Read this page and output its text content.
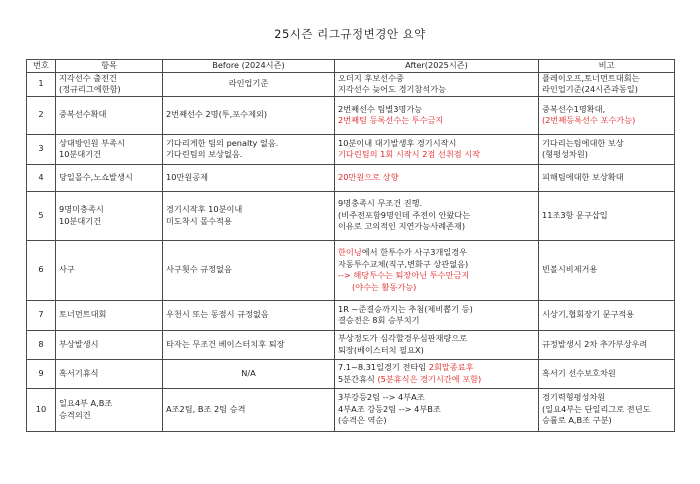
25시즌 리그규정변경안 요약
번호	항목	Before (2024시즌)	After(2025시즌)	비고
1	지각선수 출전건
(정규리그에한함)	라인업기준	오더지 후보선수중
지각선수 늦어도 경기참석가능	플레이오프,토너먼트대회는
라인업기준(24시즌과동일)

2	중복선수확대	2번째선수 2명(투,포수제외)	2번째선수 팀별3명가능
2번째팀 등록선수는 투수금지	중복선수1명확대,
(2번째등록선수 포수가능)

3	상대방인원 부족시
10분대기건	기다리게한 팀의 penalty 없음.
기다린팀의 보상없음.	10분이내 대기발생후 경기시작시
기다린팀의 1회 시작시 2점 선취점 시작	기다리는팀에대한 보상
(형평성차원)

4	당일몰수,노쇼발생시	10만원공제	20만원으로 상향	피해팀에대한 보상확대

5	9명미충족시
10분대기건	경기시작후 10분이내
미도착시 몰수적용	9명충족시 무조건 진행.
(비주전포함9명인데 주전이 안왔다는
이유로 고의적인 지연가능사례존재)	11조3항 문구삽입

6	사구	사구횟수 규정없음	한이닝에서 한투수가 사구3개일경우
자동투수교체(직구,변화구 상관없음)
--> 해당투수는 퇴장아닌 투수만금지
(야수는 활동가능)	빈볼시비제거용

7	토너먼트대회	우천시 또는 동점시 규정없음	1R ~준결승까지는 추첨(제비뽑기 등)
결승전은 8회 승부치기	시상기,협회장기 문구적용

8	부상발생시	타자는 무조건 베이스터치후 퇴장	부상정도가 심각할경우심판재량으로
퇴장(베이스터치 필요X)	규정발생시 2차 추가부상우려

9	혹서기휴식	N/A	7.1~8.31일경기 전타임 2회말종료후
5분간휴식 (5분휴식은 경기시간에 포함)	혹서기 선수보호차원

10	일요4부 A,B조
승격의건	A조2팀, B조 2팀 승격	3부강등2팀 --> 4부A조
4부A조 강등2팀 --> 4부B조
(승격은 역순)	경기력형평성차원
(일요4부는 단일리그로 전년도
승률로 A,B조 구분)
